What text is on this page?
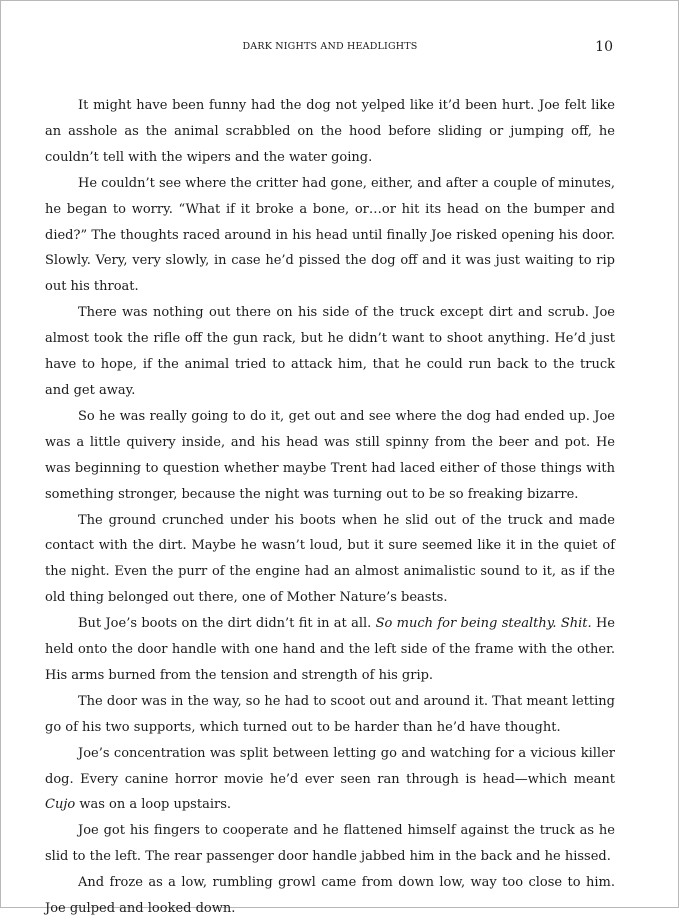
DARK NIGHTS AND HEADLIGHTS	10

It might have been funny had the dog not yelped like it’d been hurt. Joe felt like an asshole as the animal scrabbled on the hood before sliding or jumping off, he couldn’t tell with the wipers and the water going.

He couldn’t see where the critter had gone, either, and after a couple of minutes, he began to worry. “What if it broke a bone, or…or hit its head on the bumper and died?” The thoughts raced around in his head until finally Joe risked opening his door. Slowly. Very, very slowly, in case he’d pissed the dog off and it was just waiting to rip out his throat.

There was nothing out there on his side of the truck except dirt and scrub. Joe almost took the rifle off the gun rack, but he didn’t want to shoot anything. He’d just have to hope, if the animal tried to attack him, that he could run back to the truck and get away.

So he was really going to do it, get out and see where the dog had ended up. Joe was a little quivery inside, and his head was still spinny from the beer and pot. He was beginning to question whether maybe Trent had laced either of those things with something stronger, because the night was turning out to be so freaking bizarre.

The ground crunched under his boots when he slid out of the truck and made contact with the dirt. Maybe he wasn’t loud, but it sure seemed like it in the quiet of the night. Even the purr of the engine had an almost animalistic sound to it, as if the old thing belonged out there, one of Mother Nature’s beasts.

But Joe’s boots on the dirt didn’t fit in at all. So much for being stealthy. Shit. He held onto the door handle with one hand and the left side of the frame with the other. His arms burned from the tension and strength of his grip.

The door was in the way, so he had to scoot out and around it. That meant letting go of his two supports, which turned out to be harder than he’d have thought.

Joe’s concentration was split between letting go and watching for a vicious killer dog. Every canine horror movie he’d ever seen ran through is head—which meant Cujo was on a loop upstairs.

Joe got his fingers to cooperate and he flattened himself against the truck as he slid to the left. The rear passenger door handle jabbed him in the back and he hissed.

And froze as a low, rumbling growl came from down low, way too close to him. Joe gulped and looked down.
